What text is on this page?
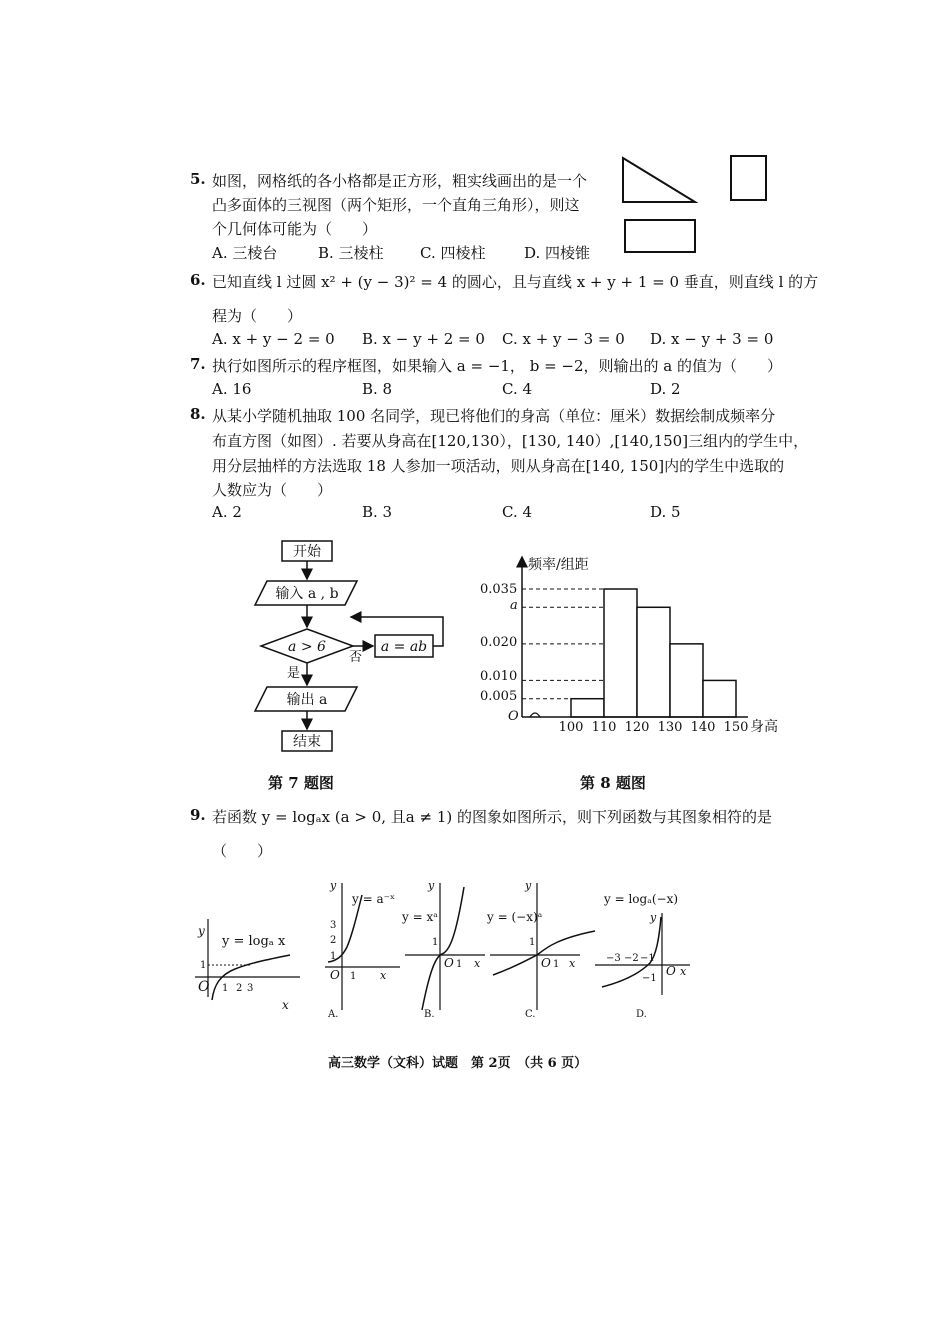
5. 如图，网格纸的各小格都是正方形，粗实线画出的是一个
凸多面体的三视图（两个矩形，一个直角三角形），则这
个几何体可能为（　　）
A. 三棱台	B. 三棱柱 C. 四棱柱	D. 四棱锥
6. 已知直线 l 过圆 x² + (y − 3)² = 4 的圆心，且与直线 x + y + 1 = 0 垂直，则直线 l 的方
程为（　　）
A. x + y − 2 = 0 B. x − y + 2 = 0 C. x + y − 3 = 0 D. x − y + 3 = 0
7. 执行如图所示的程序框图，如果输入 a = −1， b = −2，则输出的 a 的值为（　　）
A. 16	B. 8	C. 4	D. 2
8. 从某小学随机抽取 100 名同学，现已将他们的身高（单位：厘米）数据绘制成频率分
布直方图（如图）. 若要从身高在[120,130），[130, 140）,[140,150]三组内的学生中，
用分层抽样的方法选取 18 人参加一项活动，则从身高在[140, 150]内的学生中选取的
人数应为（　　）
A. 2	B. 3	C. 4	D. 5
开始
输入 a , b
a > 6
否
a = ab
是
输出 a
结束
第 7 题图
频率/组距
身高
0.035
a
0.020
0.010
0.005
O
100 110 120 130 140 150
第 8 题图
9. 若函数 y = logₐx (a > 0, 且a ≠ 1) 的图象如图所示，则下列函数与其图象相符的是
（　　）
y
y = logₐ x
1
O 1 2 3
x
y
y = a⁻ˣ
3
2
1
O 1 x
A.
y
y = xᵃ
1
O 1 x
B.
y
y = (−x)ᵃ
1
O 1 x
C.
y = logₐ(−x)
y
−3 −2 −1
O x
−1
D.
高三数学（文科）试题　第 2页　（共 6 页）
